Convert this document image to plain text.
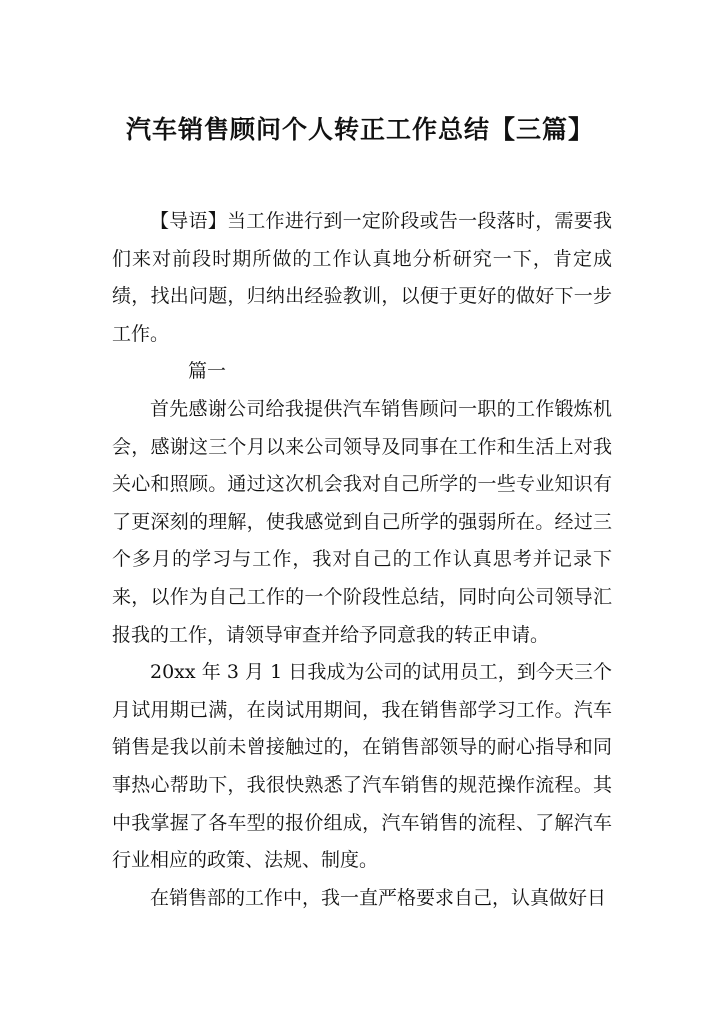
汽车销售顾问个人转正工作总结【三篇】

【导语】当工作进行到一定阶段或告一段落时，需要我们来对前段时期所做的工作认真地分析研究一下，肯定成绩，找出问题，归纳出经验教训，以便于更好的做好下一步工作。

篇一

首先感谢公司给我提供汽车销售顾问一职的工作锻炼机会，感谢这三个月以来公司领导及同事在工作和生活上对我关心和照顾。通过这次机会我对自己所学的一些专业知识有了更深刻的理解，使我感觉到自己所学的强弱所在。经过三个多月的学习与工作，我对自己的工作认真思考并记录下来，以作为自己工作的一个阶段性总结，同时向公司领导汇报我的工作，请领导审查并给予同意我的转正申请。

20xx 年 3 月 1 日我成为公司的试用员工，到今天三个月试用期已满，在岗试用期间，我在销售部学习工作。汽车销售是我以前未曾接触过的，在销售部领导的耐心指导和同事热心帮助下，我很快熟悉了汽车销售的规范操作流程。其中我掌握了各车型的报价组成，汽车销售的流程、了解汽车行业相应的政策、法规、制度。

在销售部的工作中，我一直严格要求自己，认真做好日
